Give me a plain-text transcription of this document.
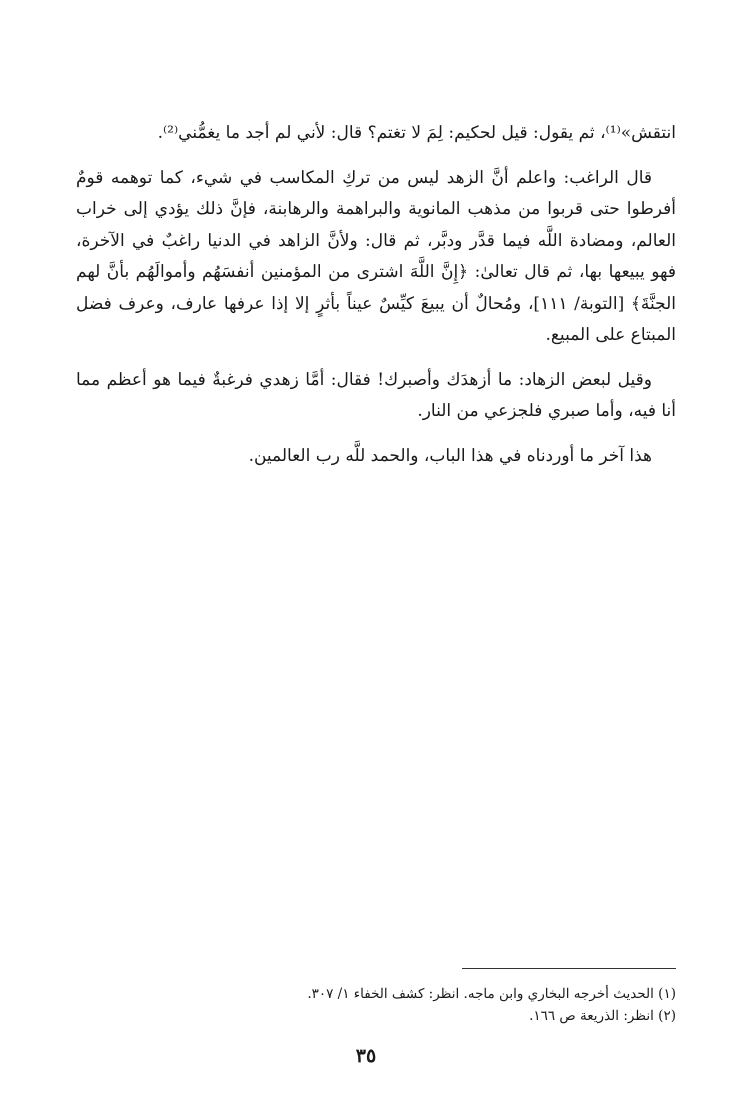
انتقش»⁽¹⁾، ثم يقول: قيل لحكيم: لِمَ لا تغتم؟ قال: لأني لم أجد ما يغمُّني⁽²⁾.

قال الراغب: واعلم أنَّ الزهد ليس من تركِ المكاسب في شيء، كما توهمه قومٌ أفرطوا حتى قربوا من مذهب المانوية والبراهمة والرهابنة، فإنَّ ذلك يؤدي إلى خراب العالم، ومضادة اللَّه فيما قدَّر ودبَّر، ثم قال: ولأنَّ الزاهد في الدنيا راغبٌ في الآخرة، فهو يبيعها بها، ثم قال تعالىٰ: ﴿إِنَّ اللَّهَ اشترى من المؤمنين أنفسَهُم وأموالَهُم بأنَّ لهم الجنَّةَ﴾ [التوبة/ ١١١]، ومُحالٌ أن يبيعَ كيِّسٌ عيناً بأثرٍ إلا إذا عرفها عارف، وعرف فضل المبتاع على المبيع.

وقيل لبعض الزهاد: ما أزهدَك وأصبرك! فقال: أمَّا زهدي فرغبةٌ فيما هو أعظم مما أنا فيه، وأما صبري فلجزعي من النار.

هذا آخر ما أوردناه في هذا الباب، والحمد للَّه رب العالمين.

(١) الحديث أخرجه البخاري وابن ماجه. انظر: كشف الخفاء ١/ ٣٠٧.
(٢) انظر: الذريعة ص ١٦٦.
٣٥
